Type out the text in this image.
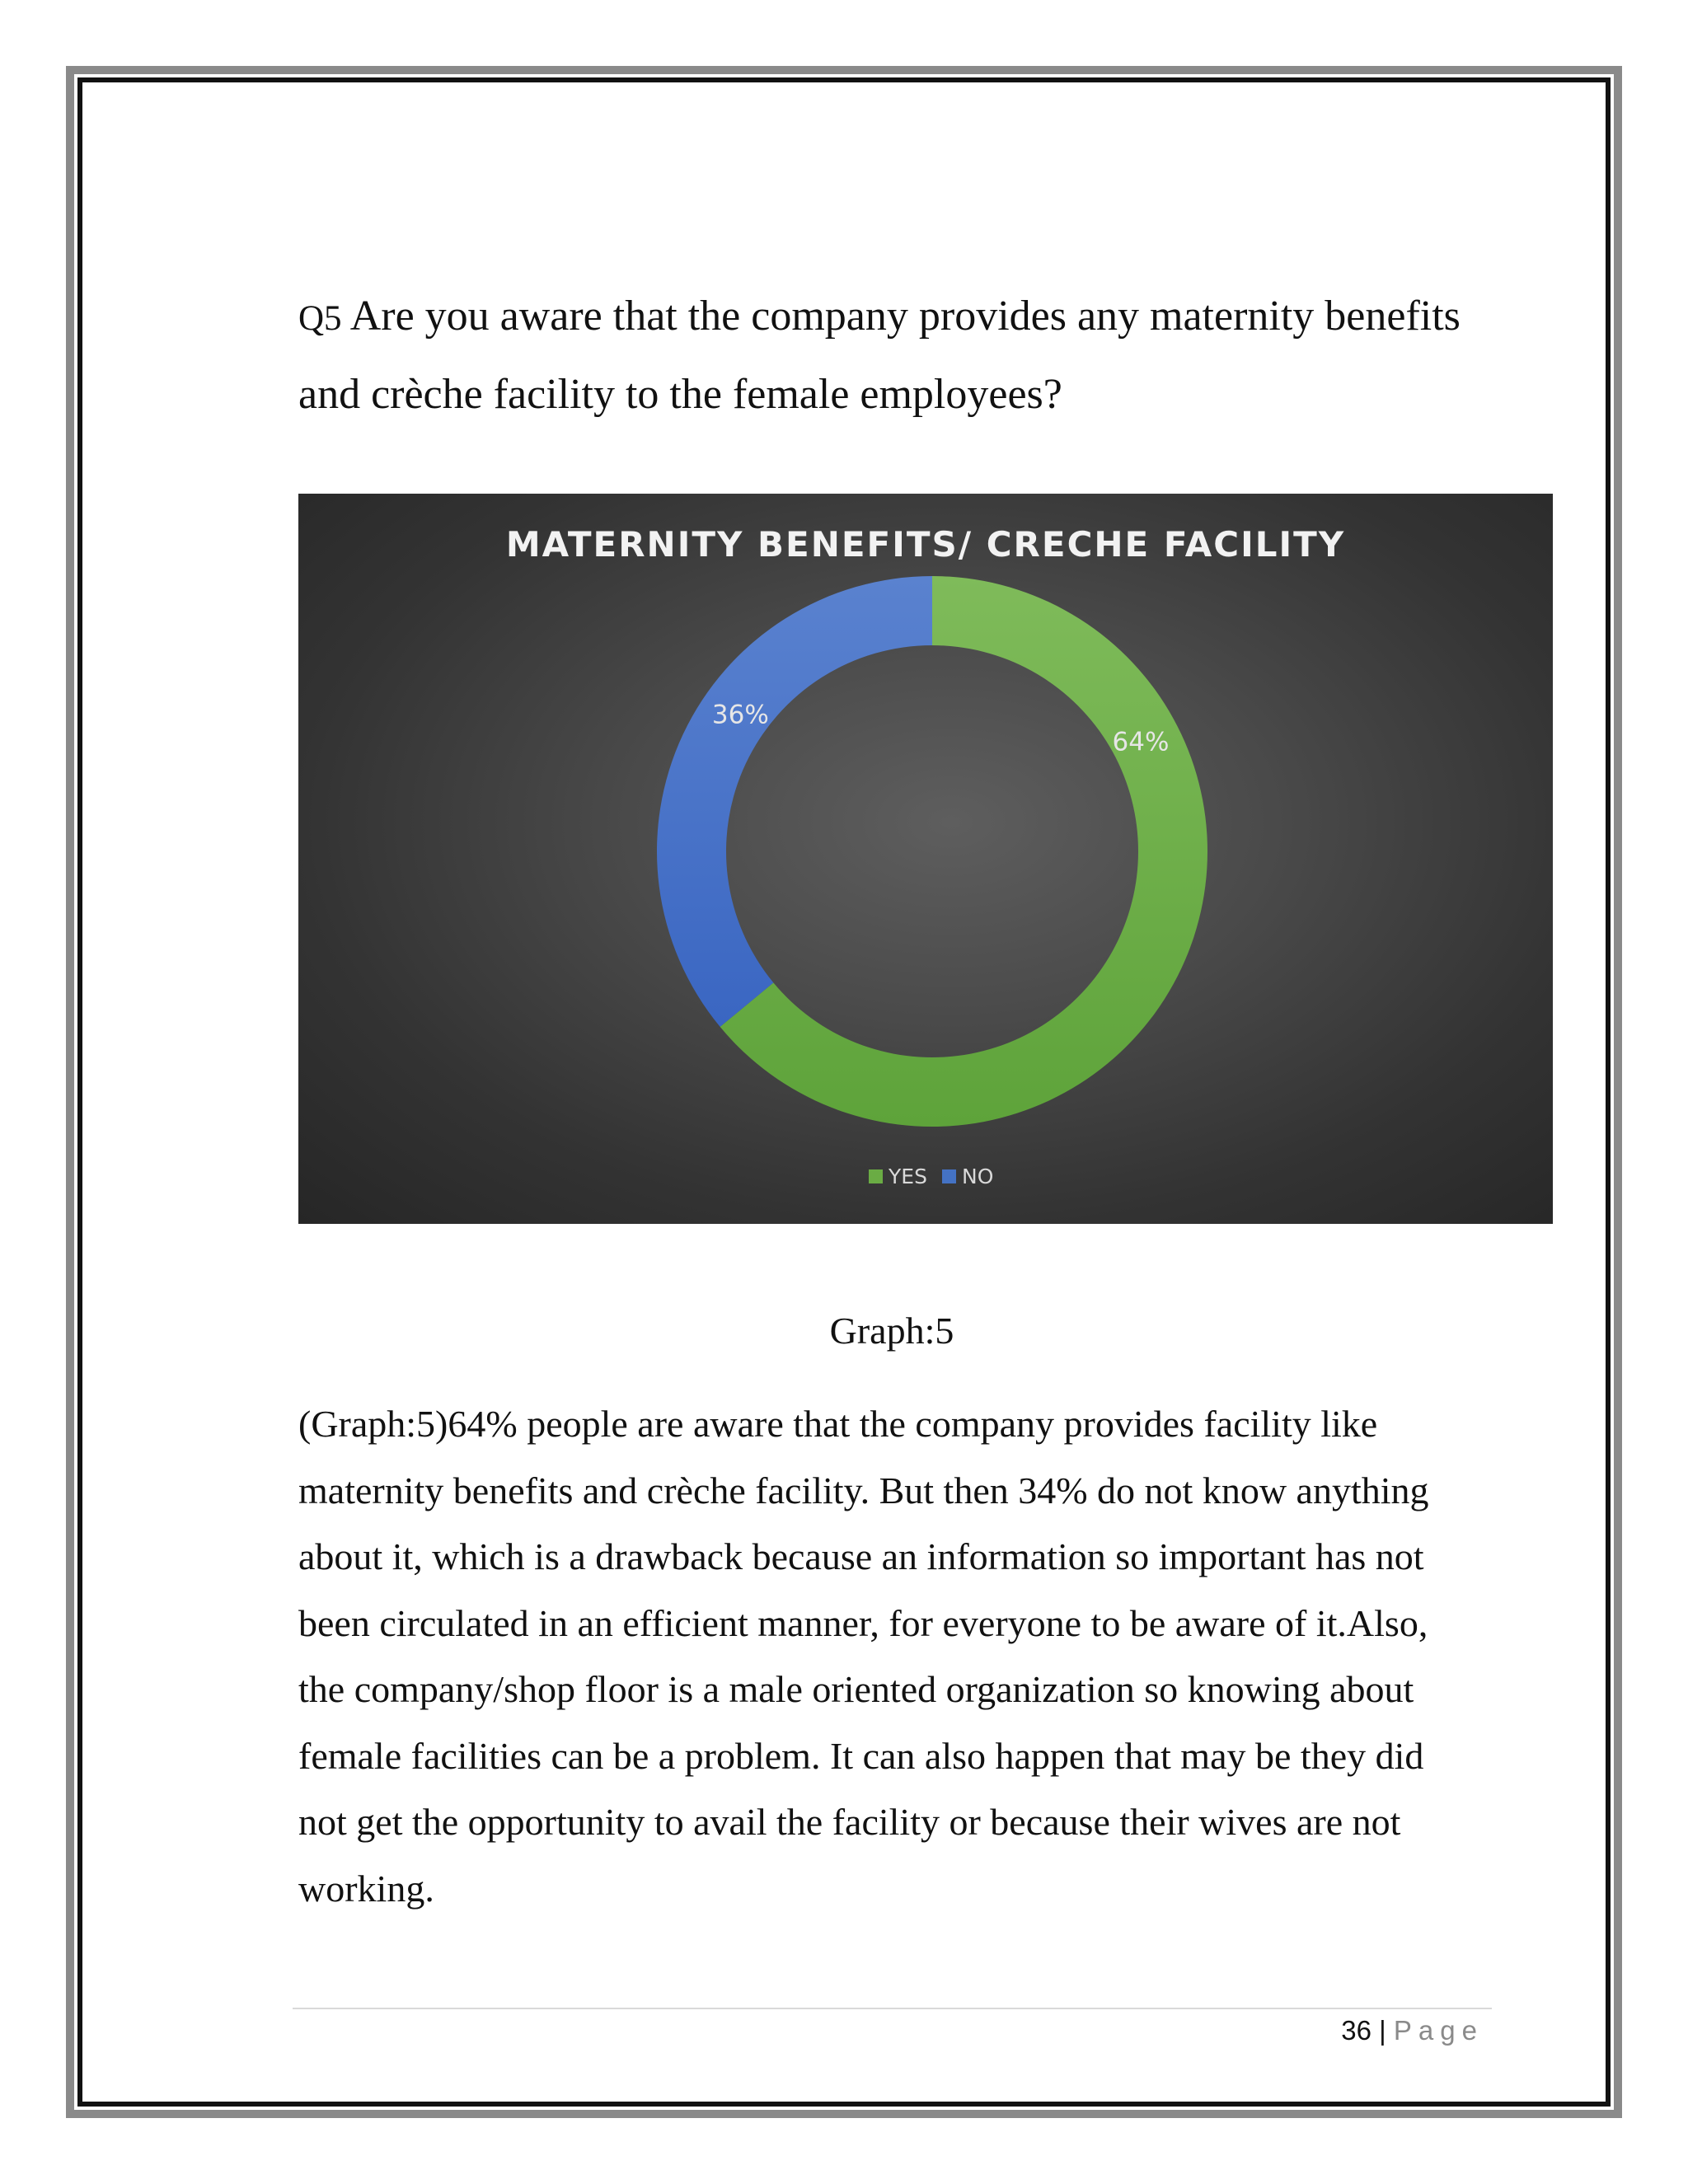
Q5 Are you aware that the company provides any maternity benefits and crèche facility to the female employees?

MATERNITY BENEFITS/ CRECHE FACILITY
64%
36%
YES NO

Graph:5

(Graph:5)64% people are aware that the company provides facility like maternity benefits and crèche facility. But then 34% do not know anything about it, which is a drawback because an information so important has not been circulated in an efficient manner, for everyone to be aware of it.Also, the company/shop floor is a male oriented organization so knowing about female facilities can be a problem. It can also happen that may be they did not get the opportunity to avail the facility or because their wives are not working.

36 | Page
